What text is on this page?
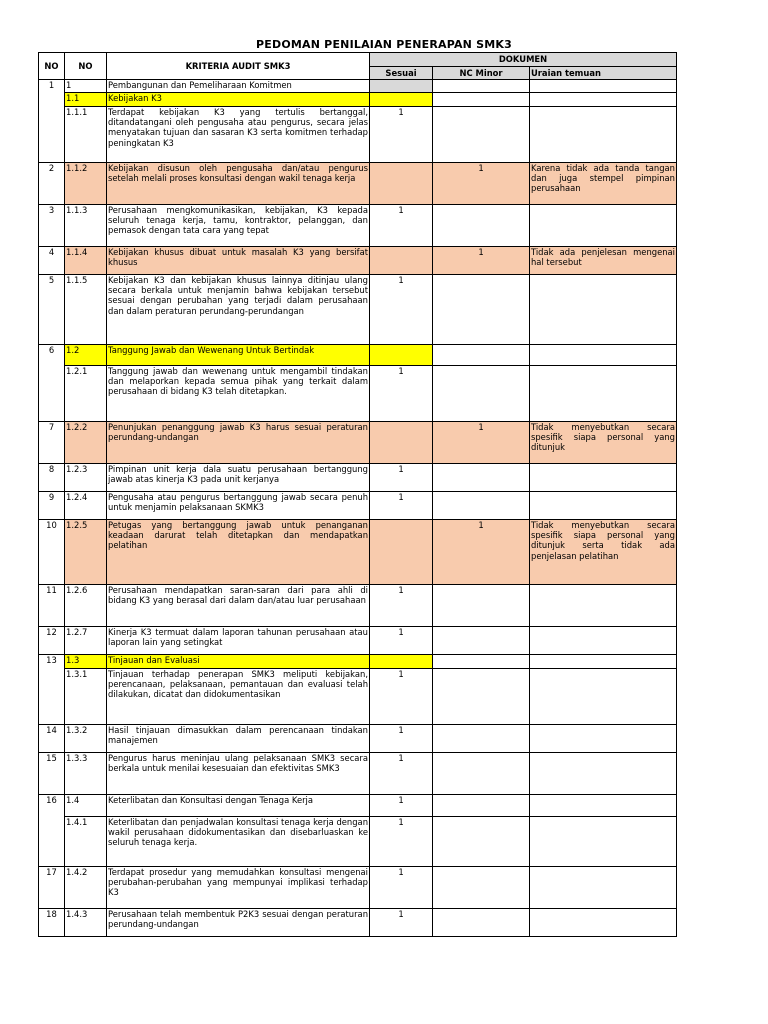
PEDOMAN PENILAIAN PENERAPAN SMK3
NO	NO	KRITERIA AUDIT SMK3	DOKUMEN		
			Sesuai	NC Minor	Uraian temuan
1	1	Pembangunan dan Pemeliharaan Komitmen			
	1.1	Kebijakan K3			
	1.1.1	Terdapat kebijakan K3 yang tertulis bertanggal, ditandatangani oleh pengusaha atau pengurus, secara jelas menyatakan tujuan dan sasaran K3 serta komitmen terhadap peningkatan K3	1		
2	1.1.2	Kebijakan disusun oleh pengusaha dan/atau pengurus setelah melali proses konsultasi dengan wakil tenaga kerja		1	Karena tidak ada tanda tangan dan juga stempel pimpinan perusahaan
3	1.1.3	Perusahaan mengkomunikasikan, kebijakan, K3 kepada seluruh tenaga kerja, tamu, kontraktor, pelanggan, dan pemasok dengan tata cara yang tepat	1		
4	1.1.4	Kebijakan khusus dibuat untuk masalah K3 yang bersifat khusus		1	Tidak ada penjelesan mengenai hal tersebut
5	1.1.5	Kebijakan K3 dan kebijakan khusus lainnya ditinjau ulang secara berkala untuk menjamin bahwa kebijakan tersebut sesuai dengan perubahan yang terjadi dalam perusahaan dan dalam peraturan perundang-perundangan	1		
6	1.2	Tanggung Jawab dan Wewenang Untuk Bertindak			
	1.2.1	Tanggung jawab dan wewenang untuk mengambil tindakan dan melaporkan kepada semua pihak yang terkait dalam perusahaan di bidang K3 telah ditetapkan.	1		
7	1.2.2	Penunjukan penanggung jawab K3 harus sesuai peraturan perundang-undangan		1	Tidak menyebutkan secara spesifik siapa personal yang ditunjuk
8	1.2.3	Pimpinan unit kerja dala suatu perusahaan bertanggung jawab atas kinerja K3 pada unit kerjanya	1		
9	1.2.4	Pengusaha atau pengurus bertanggung jawab secara penuh untuk menjamin pelaksanaan SKMK3	1		
10	1.2.5	Petugas yang bertanggung jawab untuk penanganan keadaan darurat telah ditetapkan dan mendapatkan pelatihan		1	Tidak menyebutkan secara spesifik siapa personal yang ditunjuk serta tidak ada penjelasan pelatihan
11	1.2.6	Perusahaan mendapatkan saran-saran dari para ahli di bidang K3 yang berasal dari dalam dan/atau luar perusahaan	1		
12	1.2.7	Kinerja K3 termuat dalam laporan tahunan perusahaan atau laporan lain yang setingkat	1		
13	1.3	Tinjauan dan Evaluasi			
	1.3.1	Tinjauan terhadap penerapan SMK3 meliputi kebijakan, perencanaan, pelaksanaan, pemantauan dan evaluasi telah dilakukan, dicatat dan didokumentasikan	1		
14	1.3.2	Hasil tinjauan dimasukkan dalam perencanaan tindakan manajemen	1		
15	1.3.3	Pengurus harus meninjau ulang pelaksanaan SMK3 secara berkala untuk menilai kesesuaian dan efektivitas SMK3	1		
16	1.4	Keterlibatan dan Konsultasi dengan Tenaga Kerja	1		
	1.4.1	Keterlibatan dan penjadwalan konsultasi tenaga kerja dengan wakil perusahaan didokumentasikan dan disebarluaskan ke seluruh tenaga kerja.	1		
17	1.4.2	Terdapat prosedur yang memudahkan konsultasi mengenai perubahan-perubahan yang mempunyai implikasi terhadap K3	1		
18	1.4.3	Perusahaan telah membentuk P2K3 sesuai dengan peraturan perundang-undangan	1		
